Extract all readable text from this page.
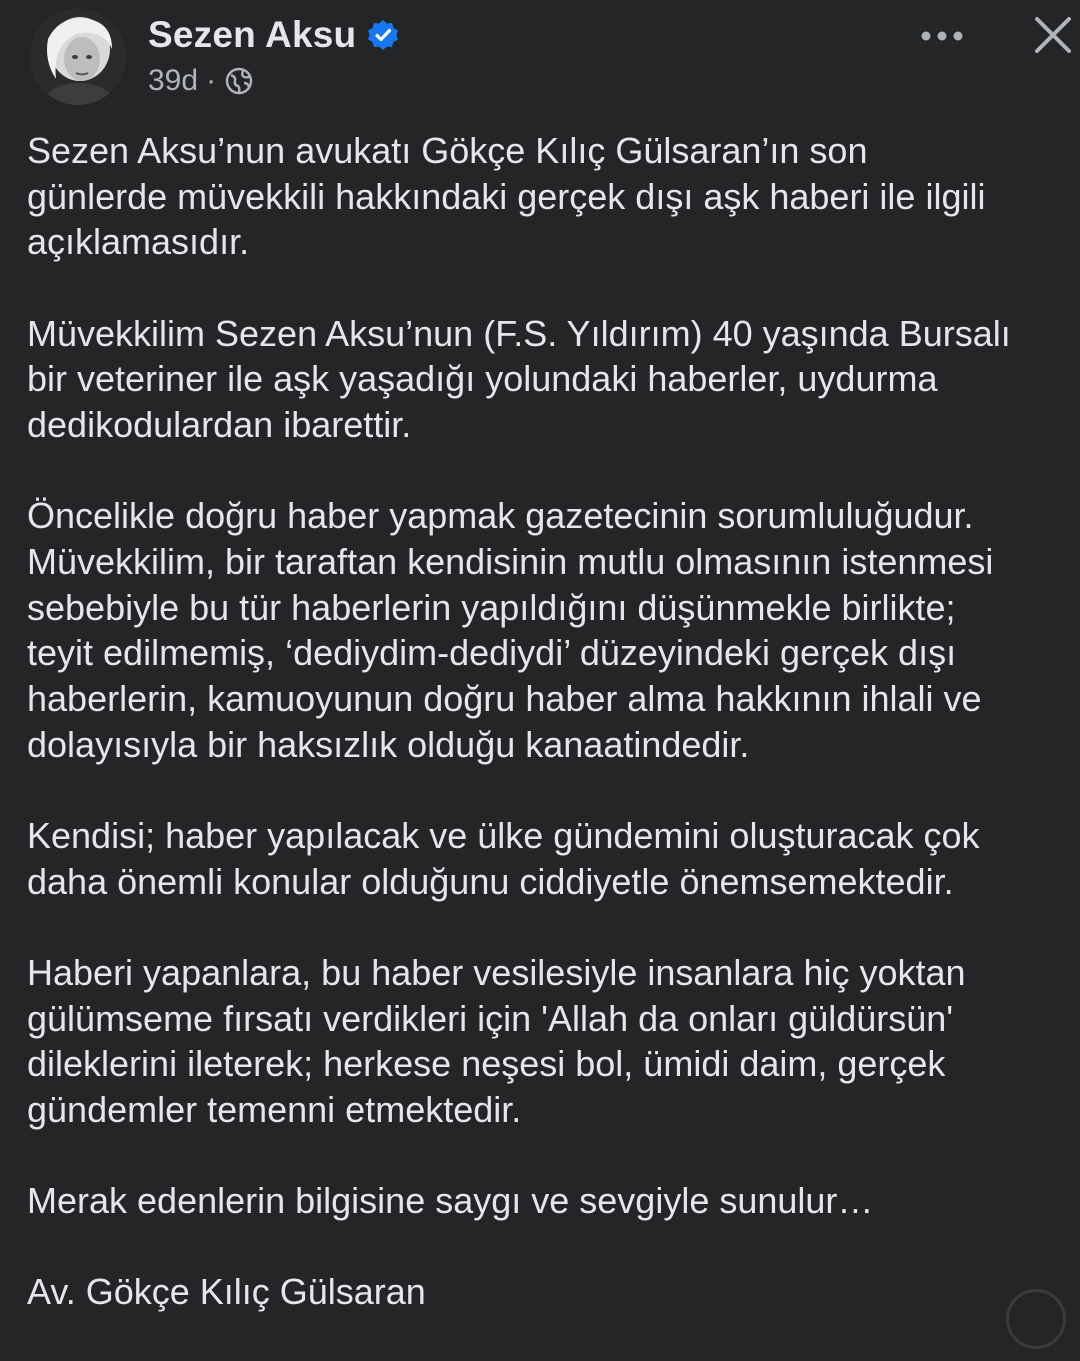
Sezen Aksu
39d ·

Sezen Aksu’nun avukatı Gökçe Kılıç Gülsaran’ın son
günlerde müvekkili hakkındaki gerçek dışı aşk haberi ile ilgili
açıklamasıdır.

Müvekkilim Sezen Aksu’nun (F.S. Yıldırım) 40 yaşında Bursalı
bir veteriner ile aşk yaşadığı yolundaki haberler, uydurma
dedikodulardan ibarettir.

Öncelikle doğru haber yapmak gazetecinin sorumluluğudur.
Müvekkilim, bir taraftan kendisinin mutlu olmasının istenmesi
sebebiyle bu tür haberlerin yapıldığını düşünmekle birlikte;
teyit edilmemiş, ‘dediydim-dediydi’ düzeyindeki gerçek dışı
haberlerin, kamuoyunun doğru haber alma hakkının ihlali ve
dolayısıyla bir haksızlık olduğu kanaatindedir.

Kendisi; haber yapılacak ve ülke gündemini oluşturacak çok
daha önemli konular olduğunu ciddiyetle önemsemektedir.

Haberi yapanlara, bu haber vesilesiyle insanlara hiç yoktan
gülümseme fırsatı verdikleri için 'Allah da onları güldürsün'
dileklerini ileterek; herkese neşesi bol, ümidi daim, gerçek
gündemler temenni etmektedir.

Merak edenlerin bilgisine saygı ve sevgiyle sunulur…

Av. Gökçe Kılıç Gülsaran
